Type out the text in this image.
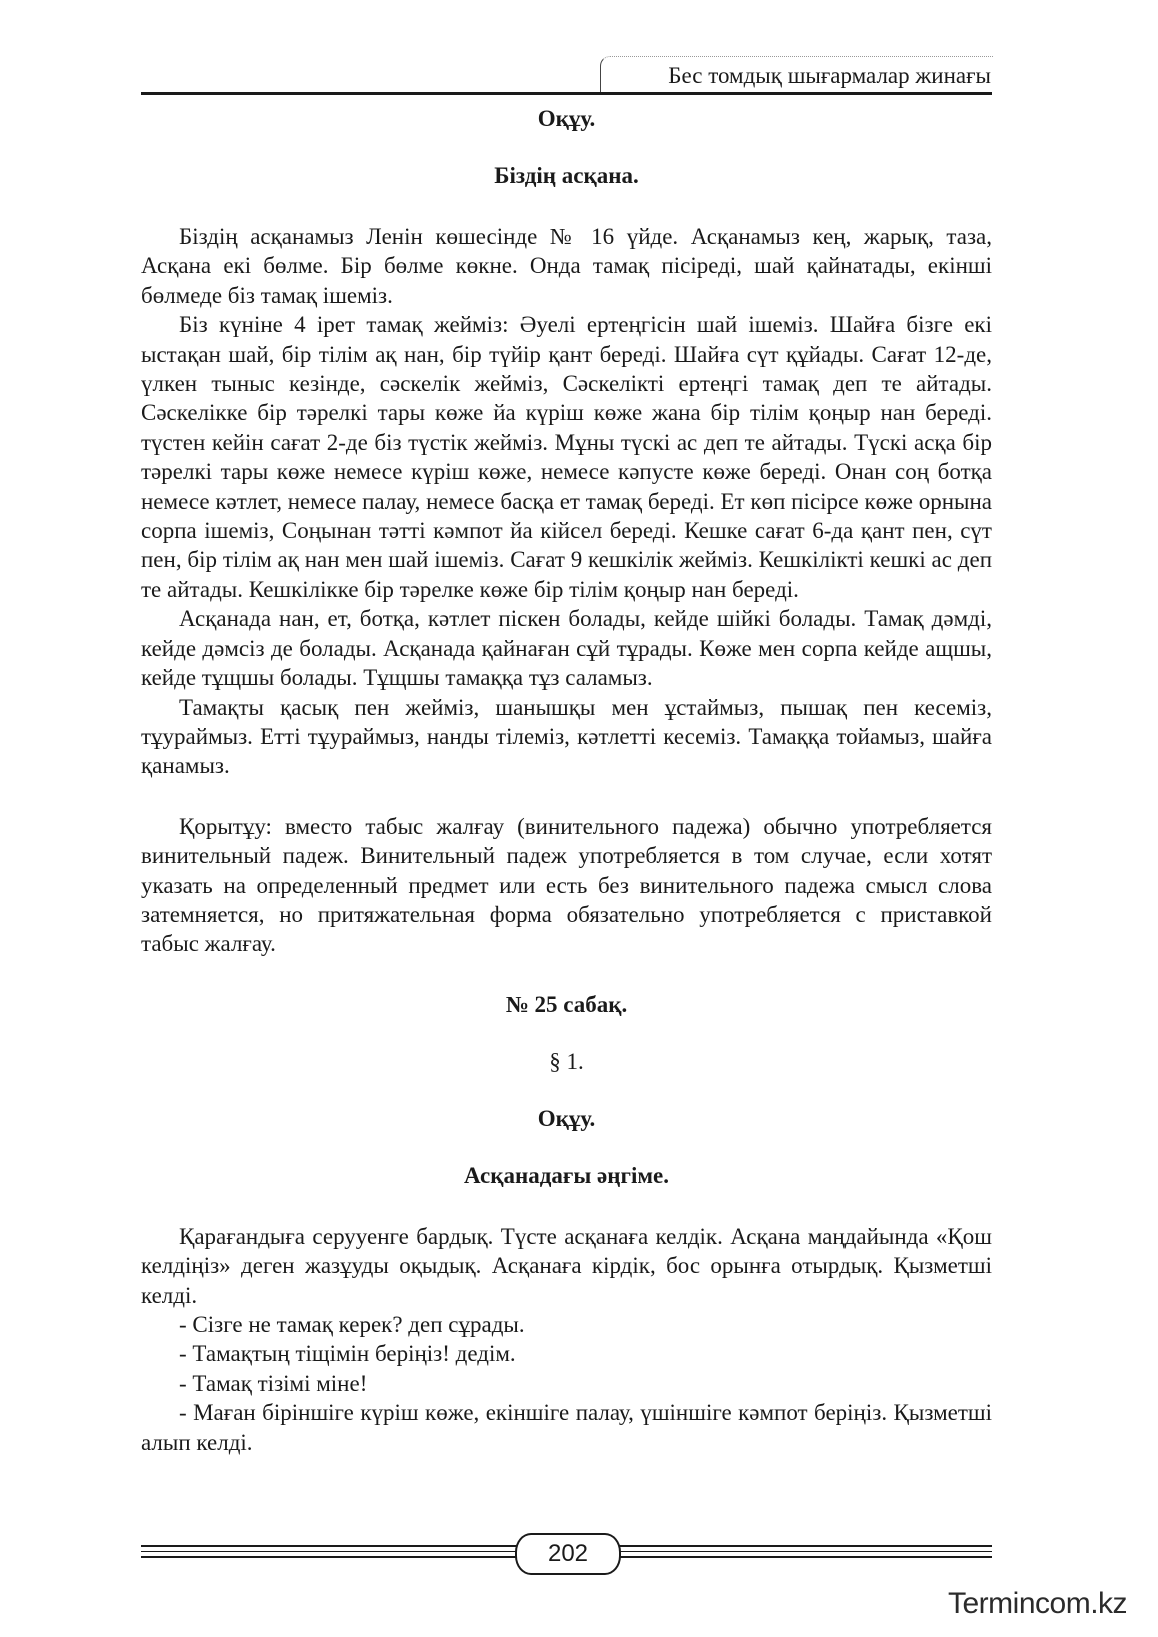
Бес томдық шығармалар жинағы

Оқұу.

Біздің асқана.

Біздің асқанамыз Ленін көшесінде № 16 үйде. Асқанамыз кең, жарық, таза, Асқана екі бөлме. Бір бөлме көкне. Онда тамақ пісіреді, шай қайнатады, екінші бөлмеде біз тамақ ішеміз.

Біз күніне 4 ірет тамақ жейміз: Әуелі ертеңгісін шай ішеміз. Шайға бізге екі ыстақан шай, бір тілім ақ нан, бір түйір қант береді. Шайға сүт құйады. Сағат 12-де, үлкен тыныс кезінде, сәскелік жейміз, Сәскелікті ертеңгі тамақ деп те айтады. Сәскелікке бір тәрелкі тары көже йа күріш көже жана бір тілім қоңыр нан береді. түстен кейін сағат 2-де біз түстік жейміз. Мұны түскі ас деп те айтады. Түскі асқа бір тәрелкі тары көже немесе күріш көже, немесе кәпусте көже береді. Онан соң ботқа немесе кәтлет, немесе палау, немесе басқа ет тамақ береді. Ет көп пісірсе көже орнына сорпа ішеміз, Соңынан тәтті кәмпот йа кійсел береді. Кешке сағат 6-да қант пен, сүт пен, бір тілім ақ нан мен шай ішеміз. Сағат 9 кешкілік жейміз. Кешкілікті кешкі ас деп те айтады. Кешкілікке бір тәрелке көже бір тілім қоңыр нан береді.

Асқанада нан, ет, ботқа, кәтлет піскен болады, кейде шійкі болады. Тамақ дәмді, кейде дәмсіз де болады. Асқанада қайнаған сұй тұрады. Көже мен сорпа кейде ащшы, кейде тұщшы болады. Тұщшы тамаққа тұз саламыз.

Тамақты қасық пен жейміз, шанышқы мен ұстаймыз, пышақ пен кесеміз, тұураймыз. Етті тұураймыз, нанды тілеміз, кәтлетті кесеміз. Тамаққа тойамыз, шайға қанамыз.

Қорытұу: вместо табыс жалғау (винительного падежа) обычно употребляется винительный падеж. Винительный падеж употребляется в том случае, если хотят указать на определенный предмет или есть без винительного падежа смысл слова затемняется, но притяжательная форма обязательно употребляется с приставкой табыс жалғау.

№ 25 сабақ.

§ 1.

Оқұу.

Асқанадағы әңгіме.

Қарағандыға серууенге бардық. Түсте асқанаға келдік. Асқана маңдайында «Қош келдіңіз» деген жазұуды оқыдық. Асқанаға кірдік, бос орынға отырдық. Қызметші келді.

- Сізге не тамақ керек? деп сұрады.

- Тамақтың тіщімін беріңіз! дедім.

- Тамақ тізімі міне!

- Маған біріншіге күріш көже, екіншіге палау, үшіншіге кәмпот беріңіз. Қызметші алып келді.

202
Termincom.kz
